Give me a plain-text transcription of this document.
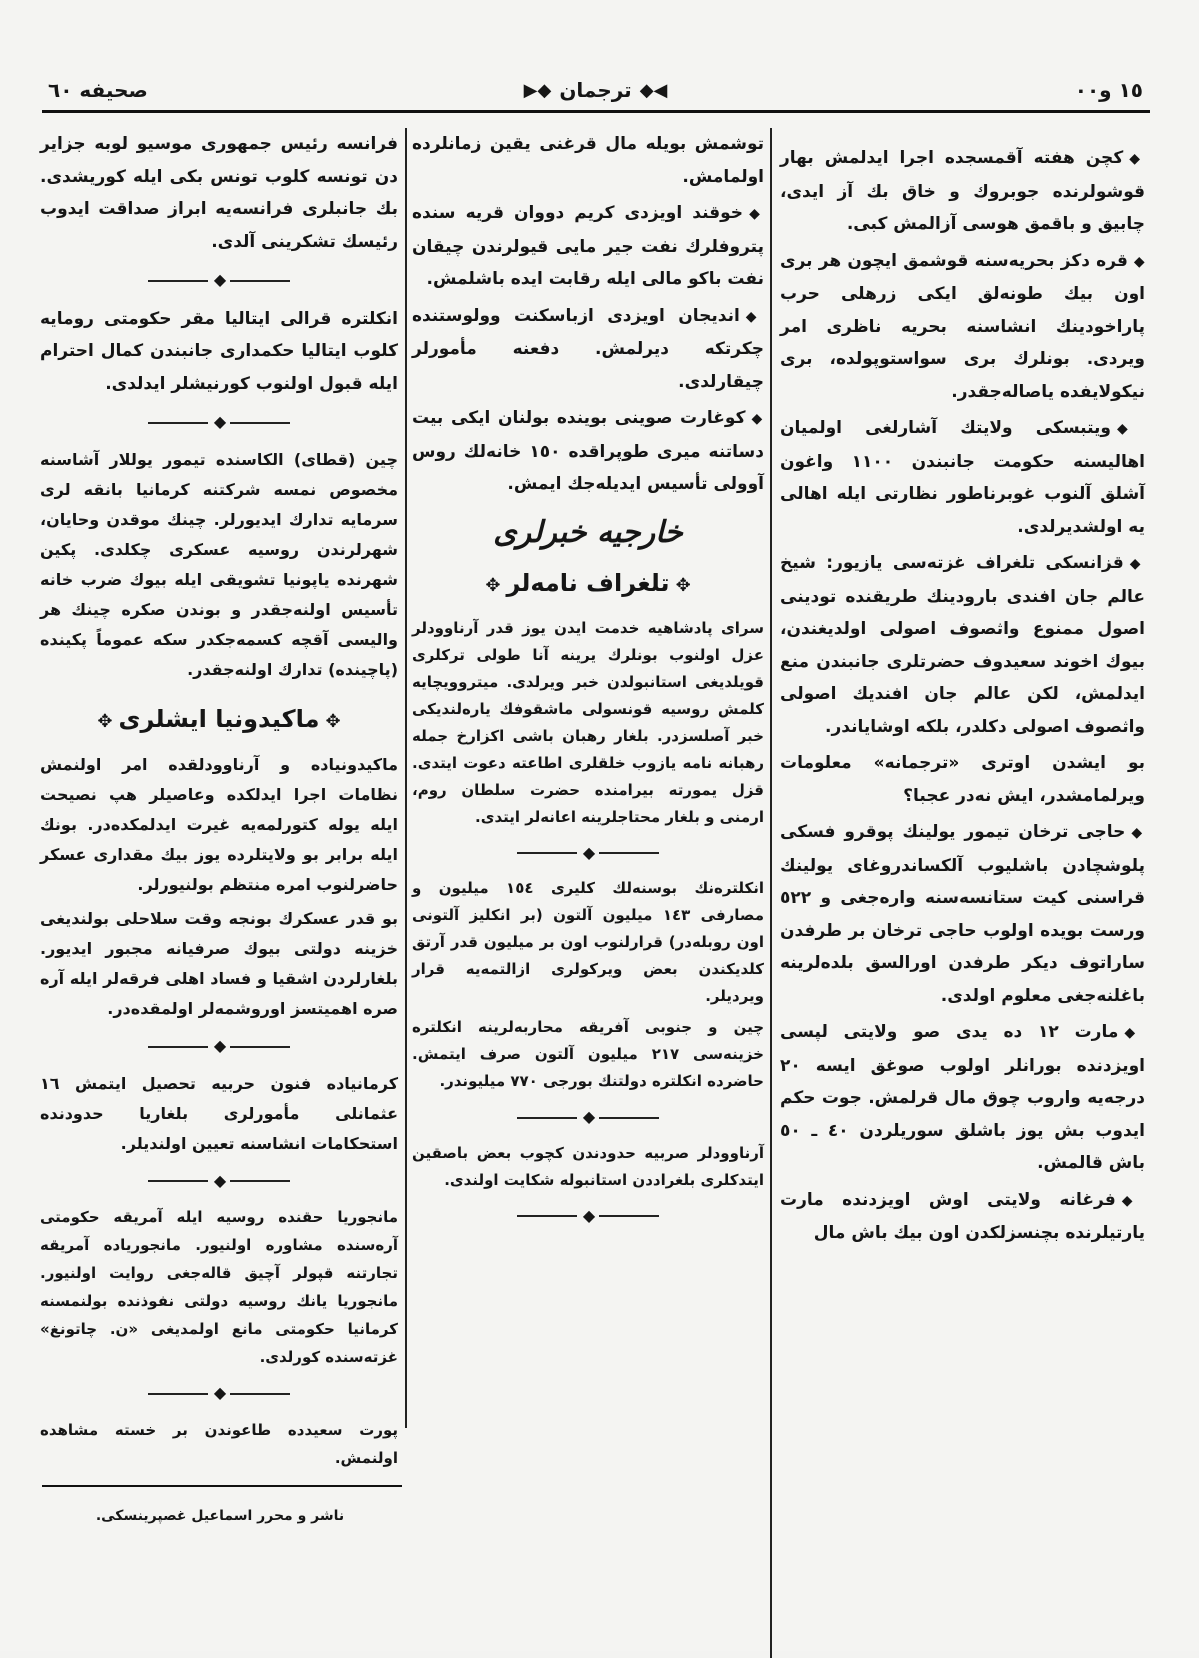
١٥ و٠٠
◀◆
ترجمان
◆▶
صحيفه ٦٠

◆كچن هفته آقمسجده اجرا ايدلمش بهار قوشولرنده جوبروك و خاق بك آز ايدى، چابيق و باقمق هوسى آزالمش كبى.

◆قره دكز بحريه‌سنه قوشمق ايچون هر برى اون بيك طونه‌لق ايكى زرهلى حرب پاراخودينك انشاسنه بحريه ناظرى امر ويردى. بونلرك برى سواستوپولده، برى نيكولايفده ياصاله‌جقدر.

◆ويتبسكى ولايتك آشارلغى اولميان اهاليسنه حكومت جانبندن ١١٠٠ واغون آشلق آلنوب غوبرناطور نظارتى ايله اهالى يه اولشديرلدى.

◆قزانسكى تلغراف غزته‌سى يازيور: شيخ عالم جان افندى بارودينك طريقنده تودينى اصول ممنوع واثصوف اصولى اولديغندن، بيوك اخوند سعيدوف حضرتلرى جانبندن منع ايدلمش، لكن عالم جان افنديك اصولى واثصوف اصولى دكلدر، بلكه اوشاياندر.

بو ايشدن اوترى «ترجمانه» معلومات ويرلمامشدر، ايش نه‌در عجبا؟

◆حاجى ترخان تيمور يولينك پوقرو فسكى پلوشچادن باشليوب آلكساندروغاى يولينك قراسنى كيت ستانسه‌سنه وارەجغى و ٥٢٢ ورست بويده اولوب حاجى ترخان بر طرفدن ساراتوف ديكر طرفدن اورالسق بلده‌لرينه باغلنه‌جغى معلوم اولدى.

◆مارت ١٢ ده يدى صو ولايتى لپسى اويزدنده بورانلر اولوب صوغق ايسه ٢٠ درجه‌يه واروب چوق مال قرلمش. جوت حكم ايدوب بش يوز باشلق سوريلردن ٤٠ ـ ٥٠ باش قالمش.

◆فرغانه ولايتى اوش اويزدنده مارت يارتيلرنده بچنسزلكدن اون بيك باش مال

توشمش بويله مال قرغنى يقين زمانلرده اولمامش.

◆خوقند اويزدى كريم دووان قريه سنده پتروفلرك نفت جير مايى قيولرندن چيقان نفت باكو مالى ايله رقابت ايده باشلمش.

◆انديجان اويزدى ازباسكنت وولوستنده چكرتكه ديرلمش. دفعنه مأمورلر چيقارلدى.

◆كوغارت صوينى بوينده بولنان ايكى بيت دساتنه ميرى طوپراقده ١٥٠ خانه‌لك روس آوولى تأسيس ايديله‌جك ايمش.

خارجيه خبرلرى
✥تلغراف نامه‌لر✥

سراى پادشاهيه خدمت ايدن يوز قدر آرناوودلر عزل اولنوب بونلرك يرينه آنا طولى تركلرى قويلديغى استانبولدن خبر ويرلدى. ميتروويچايه كلمش روسيه قونسولى ماشقوفك يارەلنديكى خبر آصلسزدر. بلغار رهبان باشى اكزارخ جمله رهبانه نامه يازوب خلقلرى اطاعته دعوت ايتدى. قزل يمورته بيرامنده حضرت سلطان روم، ارمنى و بلغار محتاجلرينه اعانه‌لر ايتدى.

◆

انكلترەنك بوسنه‌لك كليرى ١٥٤ ميليون و مصارفى ١٤٣ ميليون آلتون (بر انكليز آلتونى اون روبله‌در) قرارلنوب اون بر ميليون قدر آرتق كلديكندن بعض ويركولرى ازالتمەيه قرار ويرديلر.

چين و جنوبى آفريقه محاربه‌لرينه انكلتره خزينه‌سى ٢١٧ ميليون آلتون صرف ايتمش. حاضرده انكلتره دولتنك بورجى ٧٧٠ ميليوندر.

◆

آرناوودلر صربيه حدودندن كچوب بعض باصقين ايتدكلرى بلغراددن استانبوله شكايت اولندى.

◆

فرانسه رئيس جمهورى موسيو لوبه جزاير دن تونسه كلوب تونس بكى ايله كوريشدى. بك جانبلرى فرانسه‌يه ابراز صداقت ايدوب رئيسك تشكرينى آلدى.

◆

انكلتره قرالى ايتاليا مقر حكومتى رومايه كلوب ايتاليا حكمدارى جانبندن كمال احترام ايله قبول اولنوب كورنيشلر ايدلدى.

◆

چين (قطاى) الكاسنده تيمور يوللار آشاسنه مخصوص نمسه شركتنه كرمانيا بانقه لرى سرمايه تدارك ايديورلر. چينك موقدن وحايان، شهرلرندن روسيه عسكرى چكلدى. پكين شهرنده ياپونيا تشويقى ايله بيوك ضرب خانه تأسيس اولنه‌جقدر و بوندن صكره چينك هر واليسى آقچه كسمەجكدر سكه عموماً پكينده (پاچينده) تدارك اولنه‌جقدر.

✥ماكيدونيا ايشلرى✥

ماكيدونياده و آرناوودلقده امر اولنمش نظامات اجرا ايدلكده وعاصيلر هپ نصيحت ايله يوله كتورلمه‌يه غيرت ايدلمكده‌در. بونك ايله برابر بو ولايتلرده يوز بيك مقدارى عسكر حاضرلنوب امره منتظم بولنيورلر.

بو قدر عسكرك بونجه وقت سلاحلى بولنديغى خزينه دولتى بيوك صرفيانه مجبور ايديور. بلغارلردن اشقيا و فساد اهلى فرقه‌لر ايله آره صره اهميتسز اوروشمه‌لر اولمقده‌در.

◆

كرمانياده فنون حربيه تحصيل ايتمش ١٦ عثمانلى مأمورلرى بلغاريا حدودنده استحكامات انشاسنه تعيين اولنديلر.

◆

مانجوريا حقنده روسيه ايله آمريقه حكومتى آره‌سنده مشاوره اولنيور. مانجورياده آمريقه تجارتنه قپولر آچيق قاله‌جغى روايت اولنيور. مانجوريا يانك روسيه دولتى نفوذنده بولنمسنه كرمانيا حكومتى مانع اولمديغى «ن. چاتونغ» غزته‌سنده كورلدى.

◆

پورت سعيدده طاعوندن بر خسته مشاهده اولنمش.

ناشر و محرر اسماعيل غصپرينسكى.
